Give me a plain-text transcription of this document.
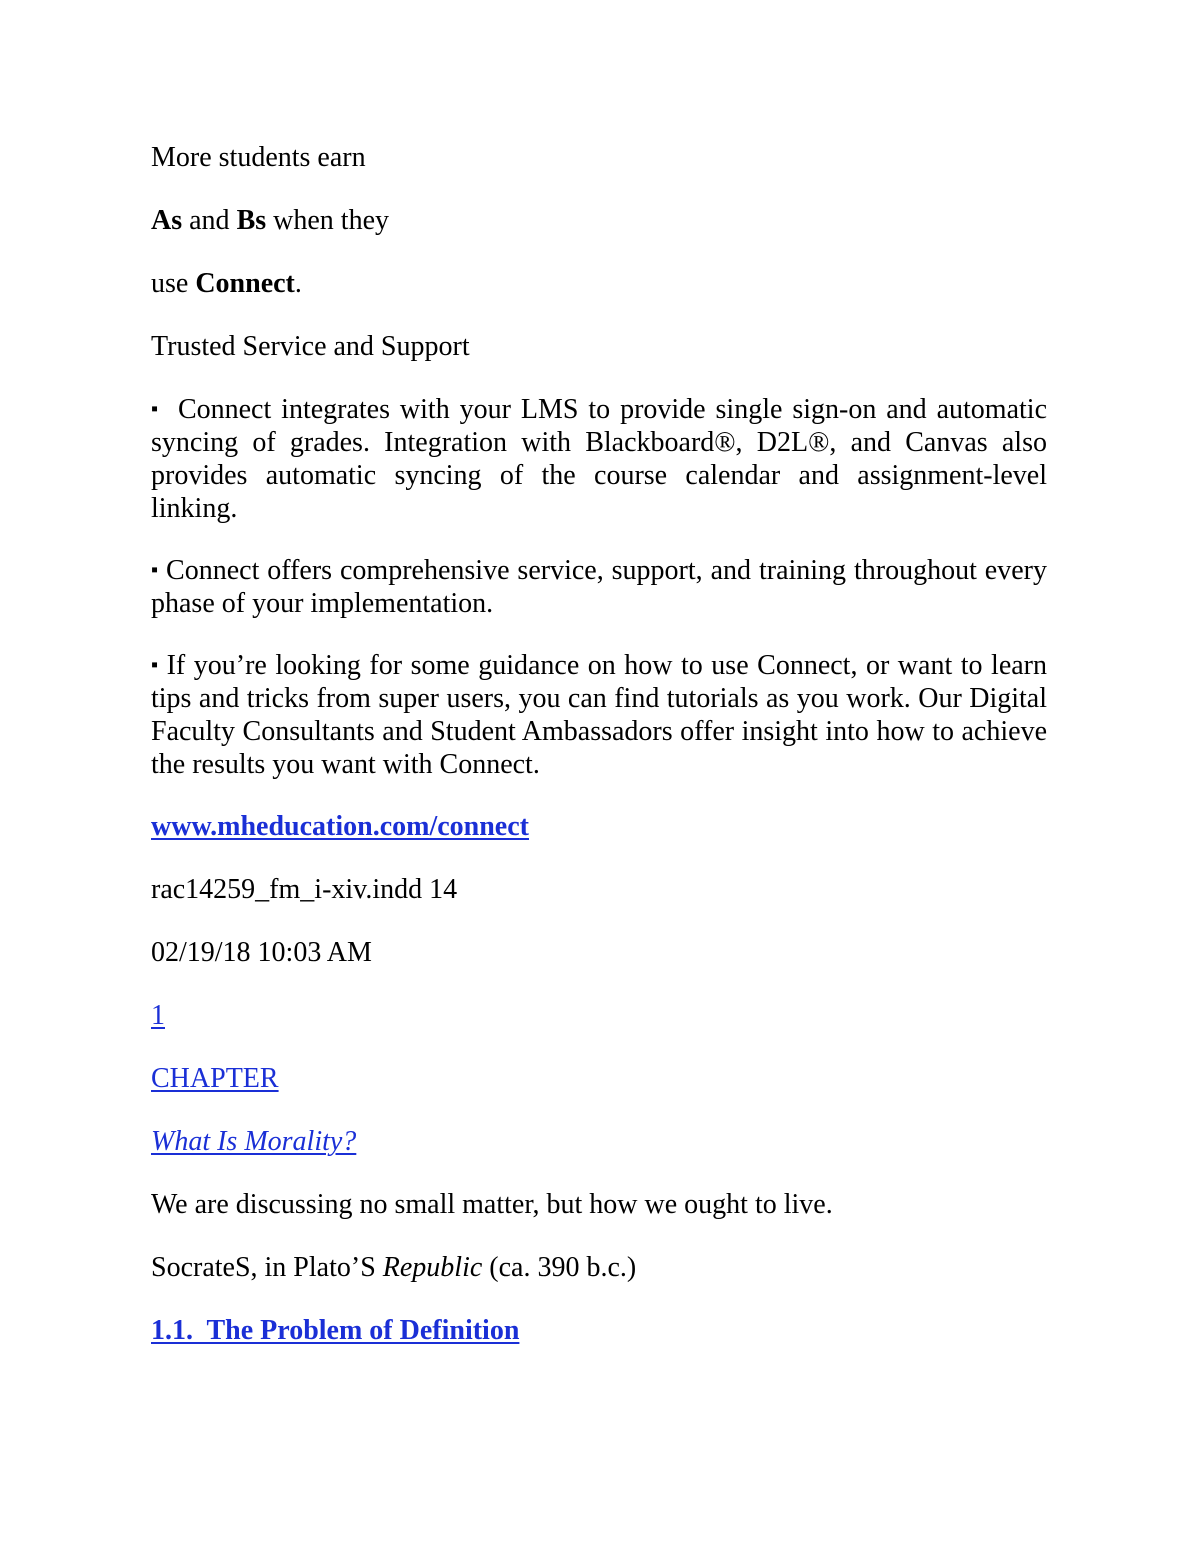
More students earn

As and Bs when they

use Connect.

Trusted Service and Support

▪ Connect integrates with your LMS to provide single sign-on and automatic syncing of grades. Integration with Blackboard®, D2L®, and Canvas also provides automatic syncing of the course calendar and assignment-level linking.

▪ Connect offers comprehensive service, support, and training throughout every phase of your implementation.

▪ If you’re looking for some guidance on how to use Connect, or want to learn tips and tricks from super users, you can find tutorials as you work. Our Digital Faculty Consultants and Student Ambassadors offer insight into how to achieve the results you want with Connect.

www.mheducation.com/connect

rac14259_fm_i-xiv.indd 14

02/19/18 10:03 AM

1

CHAPTER

What Is Morality?

We are discussing no small matter, but how we ought to live.

SocrateS, in Plato’S Republic (ca. 390 b.c.)

1.1.  The Problem of Definition
